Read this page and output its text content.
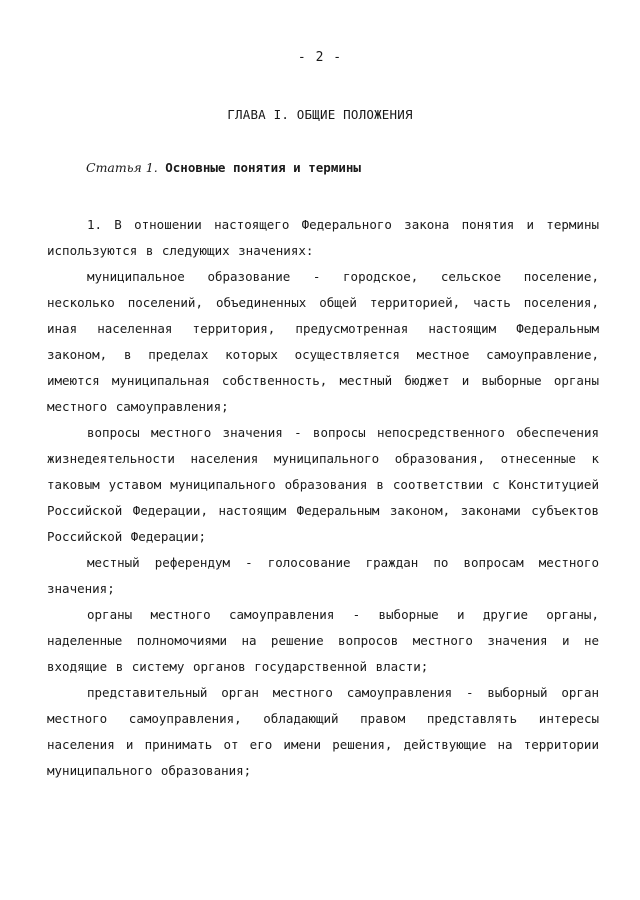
- 2 -
ГЛАВА I. ОБЩИЕ ПОЛОЖЕНИЯ
Статья 1. Основные понятия и термины

1. В отношении настоящего Федерального закона понятия и термины используются в следующих значениях:

муниципальное образование - городское, сельское поселение, несколько поселений, объединенных общей территорией, часть поселения, иная населенная территория, предусмотренная настоящим Федеральным законом, в пределах которых осуществляется местное самоуправление, имеются муниципальная собственность, местный бюджет и выборные органы местного самоуправления;

вопросы местного значения - вопросы непосредственного обеспечения жизнедеятельности населения муниципального образования, отнесенные к таковым уставом муниципального образования в соответствии с Конституцией Российской Федерации, настоящим Федеральным законом, законами субъектов Российской Федерации;

местный референдум - голосование граждан по вопросам местного значения;

органы местного самоуправления - выборные и другие органы, наделенные полномочиями на решение вопросов местного значения и не входящие в систему органов государственной власти;

представительный орган местного самоуправления - выборный орган местного самоуправления, обладающий правом представлять интересы населения и принимать от его имени решения, действующие на территории муниципального образования;
